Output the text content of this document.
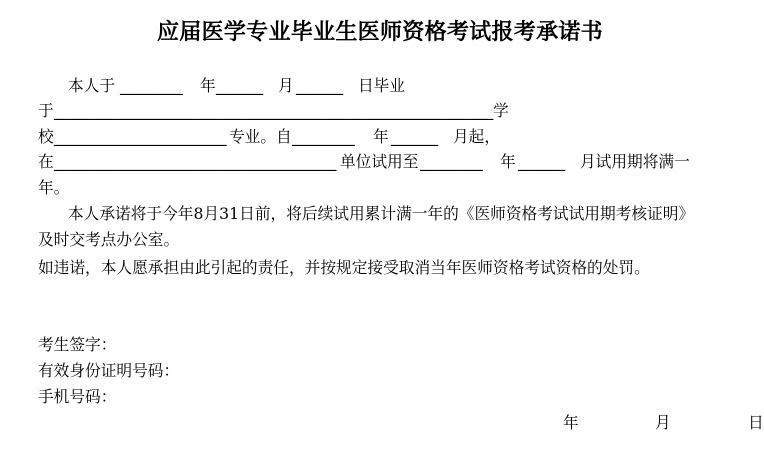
应届医学专业毕业生医师资格考试报考承诺书
本人于 ________ 年 ______ 月 ______ 日毕业
于 ________________________________________________________ 学
校 ______________________ 专业。自 ________ 年 ______ 月起，
在 ____________________________________ 单位试用至 ________ 年 ______ 月试用期将满一
年。
本人承诺将于今年8月31日前，将后续试用累计满一年的《医师资格考试试用期考核证明》
及时交考点办公室。
如违诺，本人愿承担由此引起的责任，并按规定接受取消当年医师资格考试资格的处罚。
考生签字：
有效身份证明号码：
手机号码：
年	月	日
